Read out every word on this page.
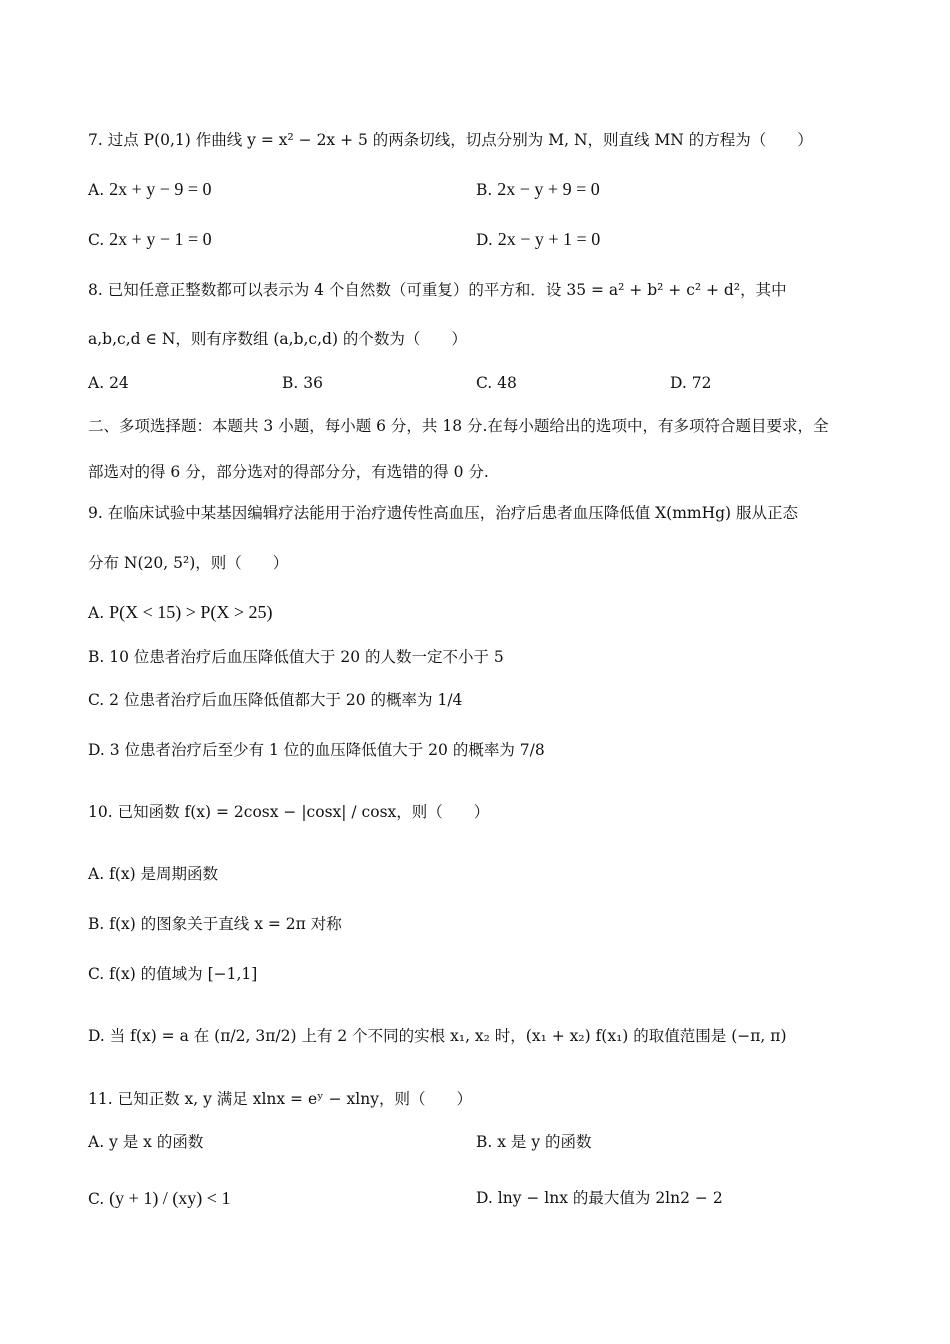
7. 过点 P(0,1) 作曲线 y = x² − 2x + 5 的两条切线，切点分别为 M, N，则直线 MN 的方程为（　　）
A. 2x + y − 9 = 0	B. 2x − y + 9 = 0
C. 2x + y − 1 = 0	D. 2x − y + 1 = 0
8. 已知任意正整数都可以表示为 4 个自然数（可重复）的平方和．设 35 = a² + b² + c² + d²，其中
a,b,c,d ∈ N，则有序数组 (a,b,c,d) 的个数为（　　）
A. 24	B. 36	C. 48	D. 72
二、多项选择题：本题共 3 小题，每小题 6 分，共 18 分.在每小题给出的选项中，有多项符合题目要求，全
部选对的得 6 分，部分选对的得部分分，有选错的得 0 分.
9. 在临床试验中某基因编辑疗法能用于治疗遗传性高血压，治疗后患者血压降低值 X(mmHg) 服从正态
分布 N(20, 5²)，则（　　）
A. P(X < 15) > P(X > 25)
B. 10 位患者治疗后血压降低值大于 20 的人数一定不小于 5
C. 2 位患者治疗后血压降低值都大于 20 的概率为 1/4
D. 3 位患者治疗后至少有 1 位的血压降低值大于 20 的概率为 7/8
10. 已知函数 f(x) = 2cosx − |cosx| / cosx，则（　　）
A. f(x) 是周期函数
B. f(x) 的图象关于直线 x = 2π 对称
C. f(x) 的值域为 [−1,1]
D. 当 f(x) = a 在 (π/2, 3π/2) 上有 2 个不同的实根 x₁, x₂ 时，(x₁ + x₂) f(x₁) 的取值范围是 (−π, π)
11. 已知正数 x, y 满足 xlnx = eʸ − xlny，则（　　）
A. y 是 x 的函数	B. x 是 y 的函数
C. (y + 1) / (xy) < 1	D. lny − lnx 的最大值为 2ln2 − 2
